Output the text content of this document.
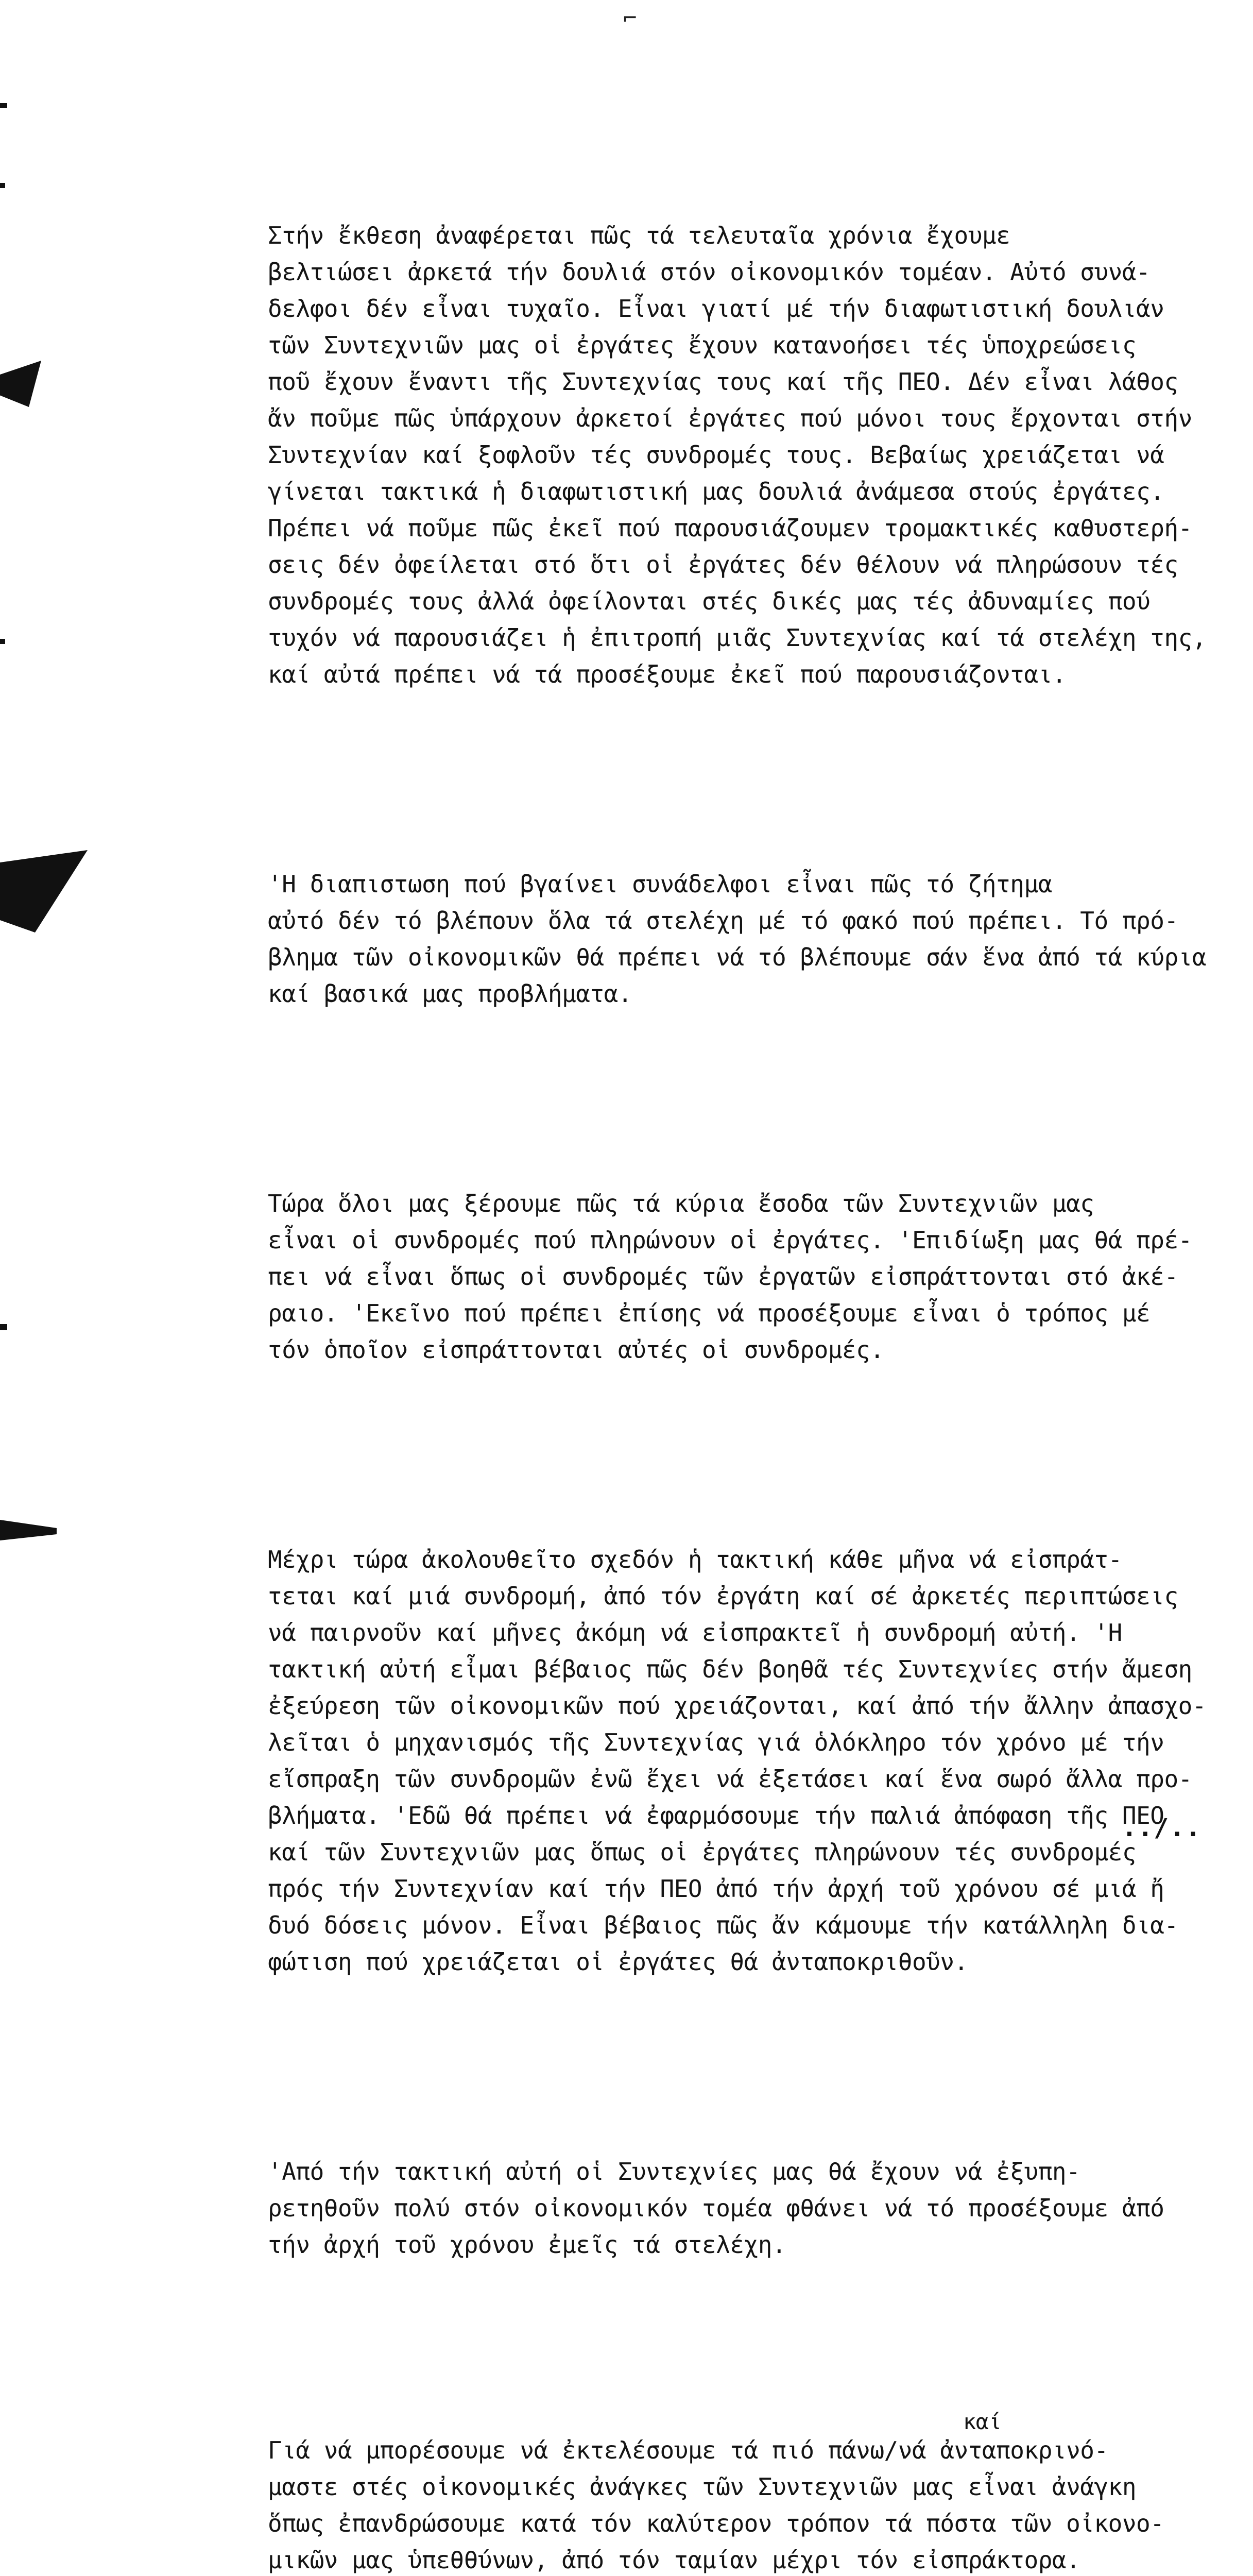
⌐

Στήν ἔκθεση ἀναφέρεται πῶς τά τελευταῖα χρόνια ἔχουμε
βελτιώσει ἀρκετά τήν δουλιά στόν οἰκονομικόν τομέαν. Αὐτό συνά-
δελφοι δέν εἶναι τυχαῖο. Εἶναι γιατί μέ τήν διαφωτιστική δουλιάν
τῶν Συντεχνιῶν μας οἱ ἐργάτες ἔχουν κατανοήσει τές ὑποχρεώσεις
ποῦ ἔχουν ἔναντι τῆς Συντεχνίας τους καί τῆς ΠΕΟ. Δέν εἶναι λάθος
ἄν ποῦμε πῶς ὑπάρχουν ἀρκετοί ἐργάτες πού μόνοι τους ἔρχονται στήν
Συντεχνίαν καί ξοφλοῦν τές συνδρομές τους. Βεβαίως χρειάζεται νά
γίνεται τακτικά ἡ διαφωτιστική μας δουλιά ἀνάμεσα στούς ἐργάτες.
Πρέπει νά ποῦμε πῶς ἐκεῖ πού παρουσιάζουμεν τρομακτικές καθυστερή-
σεις δέν ὀφείλεται στό ὅτι οἱ ἐργάτες δέν θέλουν νά πληρώσουν τές
συνδρομές τους ἀλλά ὀφείλονται στές δικές μας τές ἀδυναμίες πού
τυχόν νά παρουσιάζει ἡ ἐπιτροπή μιᾶς Συντεχνίας καί τά στελέχη της,
καί αὐτά πρέπει νά τά προσέξουμε ἐκεῖ πού παρουσιάζονται.

'Η διαπιστωση πού βγαίνει συνάδελφοι εἶναι πῶς τό ζήτημα
αὐτό δέν τό βλέπουν ὅλα τά στελέχη μέ τό φακό πού πρέπει. Τό πρό-
βλημα τῶν οἰκονομικῶν θά πρέπει νά τό βλέπουμε σάν ἕνα ἀπό τά κύρια
καί βασικά μας προβλήματα.

Τώρα ὅλοι μας ξέρουμε πῶς τά κύρια ἔσοδα τῶν Συντεχνιῶν μας
εἶναι οἱ συνδρομές πού πληρώνουν οἱ ἐργάτες. 'Επιδίωξη μας θά πρέ-
πει νά εἶναι ὅπως οἱ συνδρομές τῶν ἐργατῶν εἰσπράττονται στό ἀκέ-
ραιο. 'Εκεῖνο πού πρέπει ἐπίσης νά προσέξουμε εἶναι ὁ τρόπος μέ
τόν ὁποῖον εἰσπράττονται αὐτές οἱ συνδρομές.

Μέχρι τώρα ἀκολουθεῖτο σχεδόν ἡ τακτική κάθε μῆνα νά εἰσπράτ-
τεται καί μιά συνδρομή, ἀπό τόν ἐργάτη καί σέ ἀρκετές περιπτώσεις
νά παιρνοῦν καί μῆνες ἀκόμη νά εἰσπρακτεῖ ἡ συνδρομή αὐτή. 'Η
τακτική αὐτή εἶμαι βέβαιος πῶς δέν βοηθᾶ τές Συντεχνίες στήν ἄμεση
ἐξεύρεση τῶν οἰκονομικῶν πού χρειάζονται, καί ἀπό τήν ἄλλην ἀπασχο-
λεῖται ὁ μηχανισμός τῆς Συντεχνίας γιά ὁλόκληρο τόν χρόνο μέ τήν
εἴσπραξη τῶν συνδρομῶν ἐνῶ ἔχει νά ἐξετάσει καί ἕνα σωρό ἄλλα προ-
βλήματα. 'Εδῶ θά πρέπει νά ἐφαρμόσουμε τήν παλιά ἀπόφαση τῆς ΠΕΟ
καί τῶν Συντεχνιῶν μας ὅπως οἱ ἐργάτες πληρώνουν τές συνδρομές
πρός τήν Συντεχνίαν καί τήν ΠΕΟ ἀπό τήν ἀρχή τοῦ χρόνου σέ μιά ἤ
δυό δόσεις μόνον. Εἶναι βέβαιος πῶς ἄν κάμουμε τήν κατάλληλη δια-
φώτιση πού χρειάζεται οἱ ἐργάτες θά ἀνταποκριθοῦν.

'Από τήν τακτική αὐτή οἱ Συντεχνίες μας θά ἔχουν νά ἐξυπη-
ρετηθοῦν πολύ στόν οἰκονομικόν τομέα φθάνει νά τό προσέξουμε ἀπό
τήν ἀρχή τοῦ χρόνου ἐμεῖς τά στελέχη.

καί
Γιά νά μπορέσουμε νά ἐκτελέσουμε τά πιό πάνω/νά ἀνταποκρινό-
μαστε στές οἰκονομικές ἀνάγκες τῶν Συντεχνιῶν μας εἶναι ἀνάγκη
ὅπως ἐπανδρώσουμε κατά τόν καλύτερον τρόπον τά πόστα τῶν οἰκονο-
μικῶν μας ὑπεθθύνων, ἀπό τόν ταμίαν μέχρι τόν εἰσπράκτορα.

../..
